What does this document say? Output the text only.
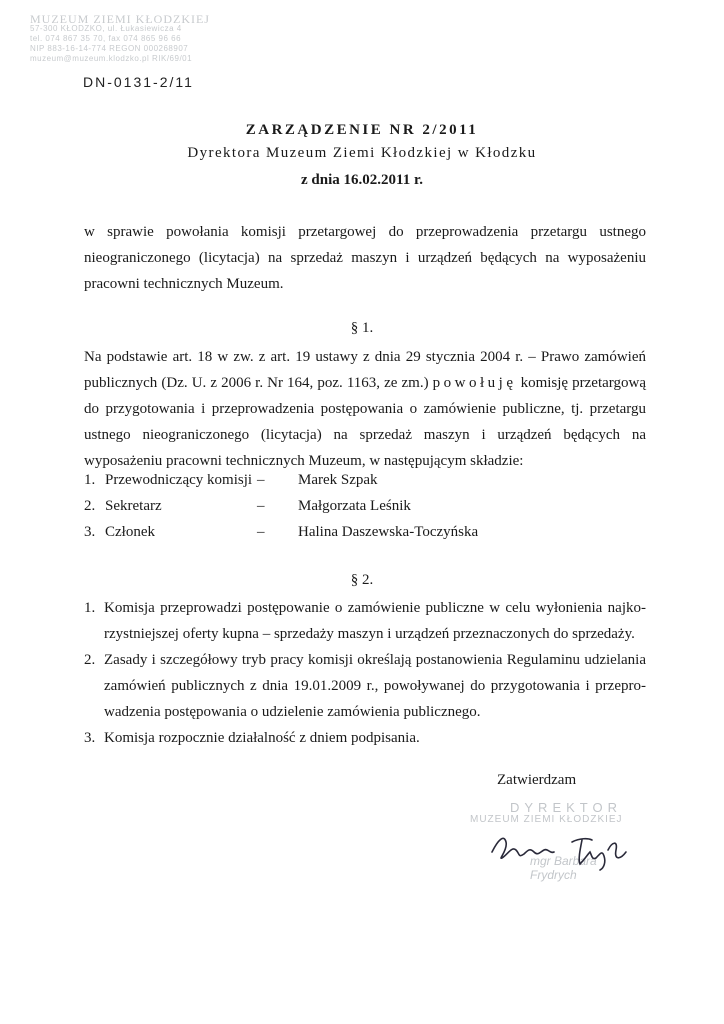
MUZEUM ZIEMI KŁODZKIEJ
57-300 KŁODZKO, ul. Łukasiewicza 4
tel. 074 867 35 70, fax 074 865 96 66
NIP 883-16-14-774 REGON 000268907
muzeum@muzeum.klodzko.pl RIK/69/01
DN-0131-2/11
ZARZĄDZENIE NR 2/2011
Dyrektora Muzeum Ziemi Kłodzkiej w Kłodzku
z dnia 16.02.2011 r.
w sprawie powołania komisji przetargowej do przeprowadzenia przetargu ustnego
nieograniczonego (licytacja) na sprzedaż maszyn i urządzeń będących na wyposażeniu
pracowni technicznych Muzeum.
§ 1.
Na podstawie art. 18 w zw. z art. 19 ustawy z dnia 29 stycznia 2004 r. – Prawo zamówień
publicznych (Dz. U. z 2006 r. Nr 164, poz. 1163, ze zm.) powołuję komisję przetargową
do przygotowania i przeprowadzenia postępowania o zamówienie publiczne, tj. przetargu
ustnego nieograniczonego (licytacja) na sprzedaż maszyn i urządzeń będących na
wyposażeniu pracowni technicznych Muzeum, w następującym składzie:
1. Przewodniczący komisji – Marek Szpak
2. Sekretarz	– Małgorzata Leśnik
3. Członek	– Halina Daszewska-Toczyńska
§ 2.
1. Komisja przeprowadzi postępowanie o zamówienie publiczne w celu wyłonienia najko-
rzystniejszej oferty kupna – sprzedaży maszyn i urządzeń przeznaczonych do sprzedaży.
2. Zasady i szczegółowy tryb pracy komisji określają postanowienia Regulaminu udzielania
zamówień publicznych z dnia 19.01.2009 r., powoływanej do przygotowania i przepro-
wadzenia postępowania o udzielenie zamówienia publicznego.
3. Komisja rozpocznie działalność z dniem podpisania.
Zatwierdzam
DYREKTOR
MUZEUM ZIEMI KŁODZKIEJ
mgr Barbara Frydrych
